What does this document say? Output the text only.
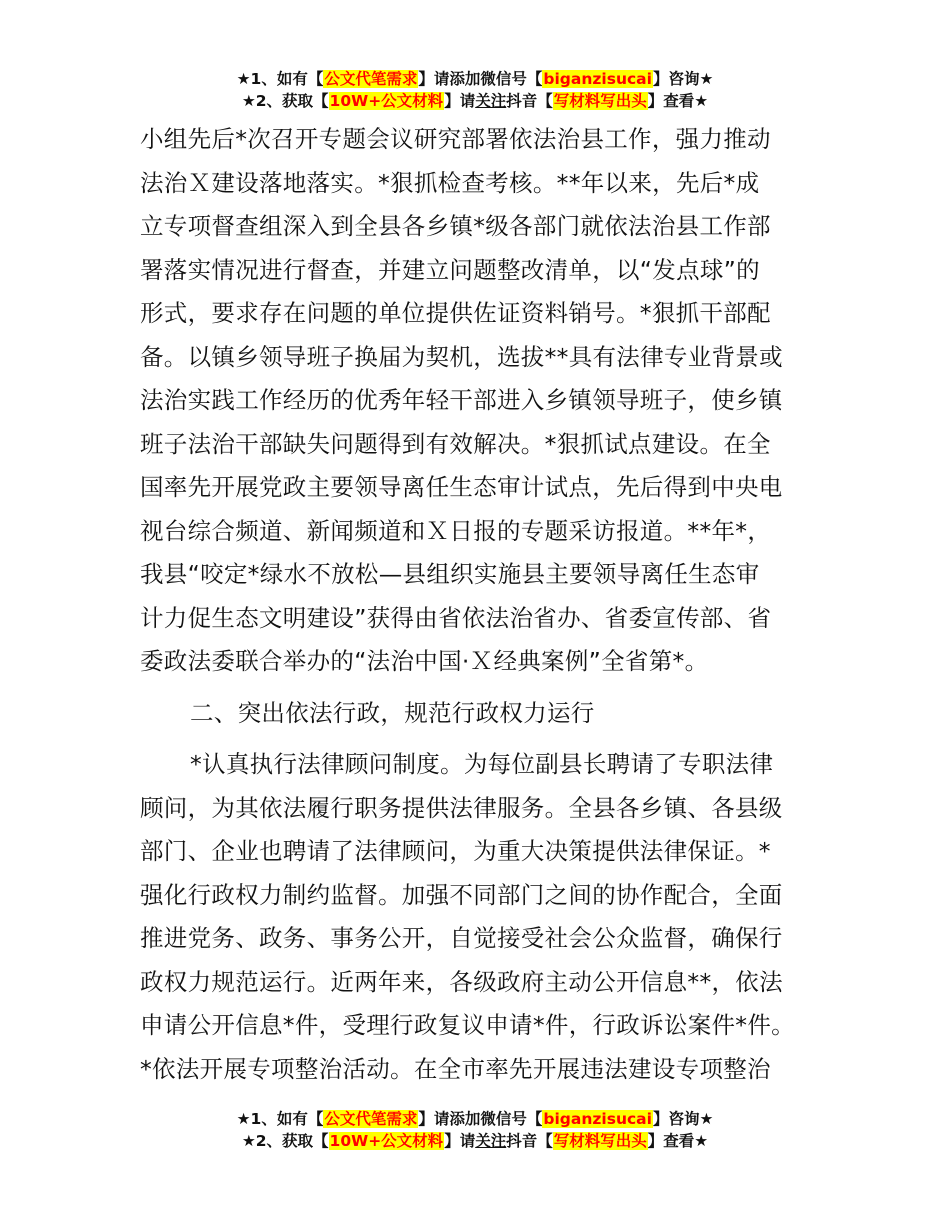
★1、如有【公文代笔需求】请添加微信号【biganzisucai】咨询★
★2、获取【10W+公文材料】请关注抖音【写材料写出头】查看★
小组先后*次召开专题会议研究部署依法治县工作，强力推动
法治Ｘ建设落地落实。*狠抓检查考核。**年以来，先后*成
立专项督查组深入到全县各乡镇*级各部门就依法治县工作部
署落实情况进行督查，并建立问题整改清单，以“发点球”的
形式，要求存在问题的单位提供佐证资料销号。*狠抓干部配
备。以镇乡领导班子换届为契机，选拔**具有法律专业背景或
法治实践工作经历的优秀年轻干部进入乡镇领导班子，使乡镇
班子法治干部缺失问题得到有效解决。*狠抓试点建设。在全
国率先开展党政主要领导离任生态审计试点，先后得到中央电
视台综合频道、新闻频道和Ｘ日报的专题采访报道。**年*，
我县“咬定*绿水不放松—县组织实施县主要领导离任生态审
计力促生态文明建设”获得由省依法治省办、省委宣传部、省
委政法委联合举办的“法治中国·Ｘ经典案例”全省第*。
二、突出依法行政，规范行政权力运行
*认真执行法律顾问制度。为每位副县长聘请了专职法律
顾问，为其依法履行职务提供法律服务。全县各乡镇、各县级
部门、企业也聘请了法律顾问，为重大决策提供法律保证。*
强化行政权力制约监督。加强不同部门之间的协作配合，全面
推进党务、政务、事务公开，自觉接受社会公众监督，确保行
政权力规范运行。近两年来，各级政府主动公开信息**，依法
申请公开信息*件，受理行政复议申请*件，行政诉讼案件*件。
*依法开展专项整治活动。在全市率先开展违法建设专项整治
★1、如有【公文代笔需求】请添加微信号【biganzisucai】咨询★
★2、获取【10W+公文材料】请关注抖音【写材料写出头】查看★
